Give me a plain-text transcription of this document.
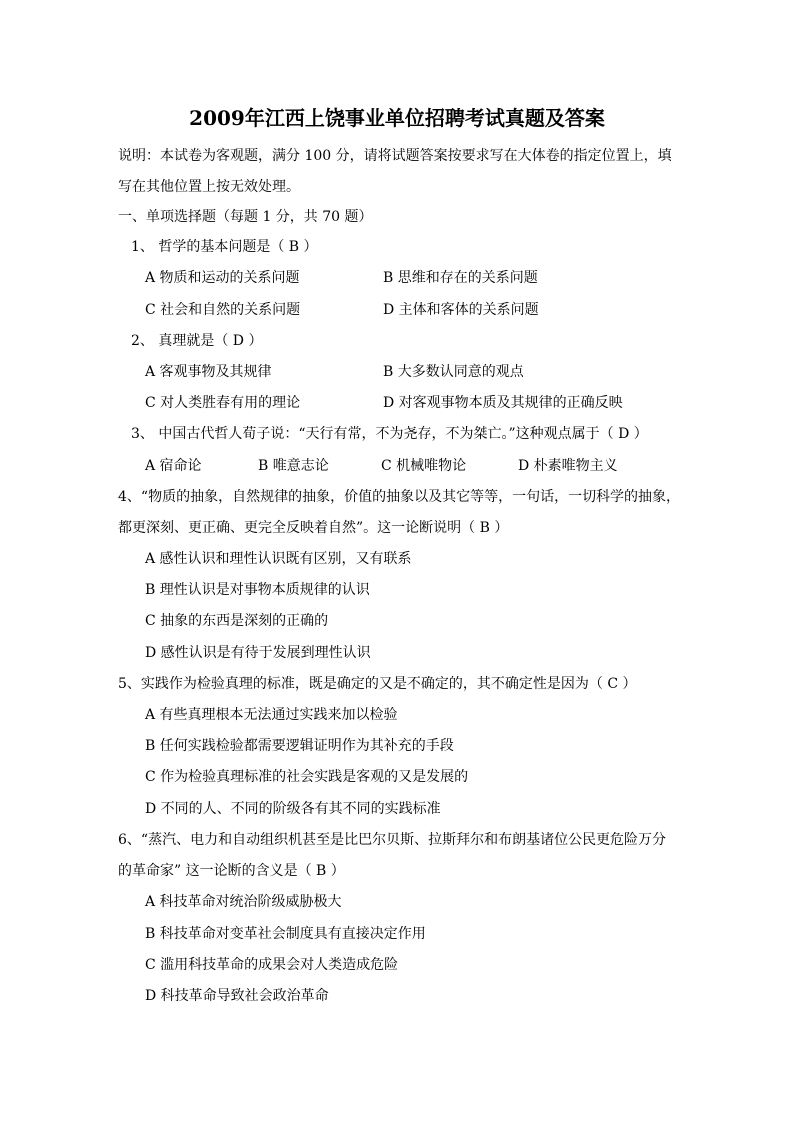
2009年江西上饶事业单位招聘考试真题及答案
说明：本试卷为客观题，满分 100 分，请将试题答案按要求写在大体卷的指定位置上，填
写在其他位置上按无效处理。
一、单项选择题（每题 1 分，共 70 题）
1、 哲学的基本问题是（ B ）
A 物质和运动的关系问题	B 思维和存在的关系问题
C 社会和自然的关系问题	D 主体和客体的关系问题
2、 真理就是（ D ）
A 客观事物及其规律	B 大多数认同意的观点
C 对人类胜春有用的理论	D 对客观事物本质及其规律的正确反映
3、 中国古代哲人荀子说：“天行有常，不为尧存，不为桀亡。”这种观点属于（ D ）
A 宿命论	B 唯意志论	C 机械唯物论	D 朴素唯物主义
4、“物质的抽象，自然规律的抽象，价值的抽象以及其它等等，一句话，一切科学的抽象，
都更深刻、更正确、更完全反映着自然”。这一论断说明（ B ）
A 感性认识和理性认识既有区别，又有联系
B 理性认识是对事物本质规律的认识
C 抽象的东西是深刻的正确的
D 感性认识是有待于发展到理性认识
5、实践作为检验真理的标准，既是确定的又是不确定的，其不确定性是因为（ C ）
A 有些真理根本无法通过实践来加以检验
B 任何实践检验都需要逻辑证明作为其补充的手段
C 作为检验真理标准的社会实践是客观的又是发展的
D 不同的人、不同的阶级各有其不同的实践标准
6、“蒸汽、电力和自动组织机甚至是比巴尔贝斯、拉斯拜尔和布朗基诸位公民更危险万分
的革命家” 这一论断的含义是（ B ）
A 科技革命对统治阶级威胁极大
B 科技革命对变革社会制度具有直接决定作用
C 滥用科技革命的成果会对人类造成危险
D 科技革命导致社会政治革命
